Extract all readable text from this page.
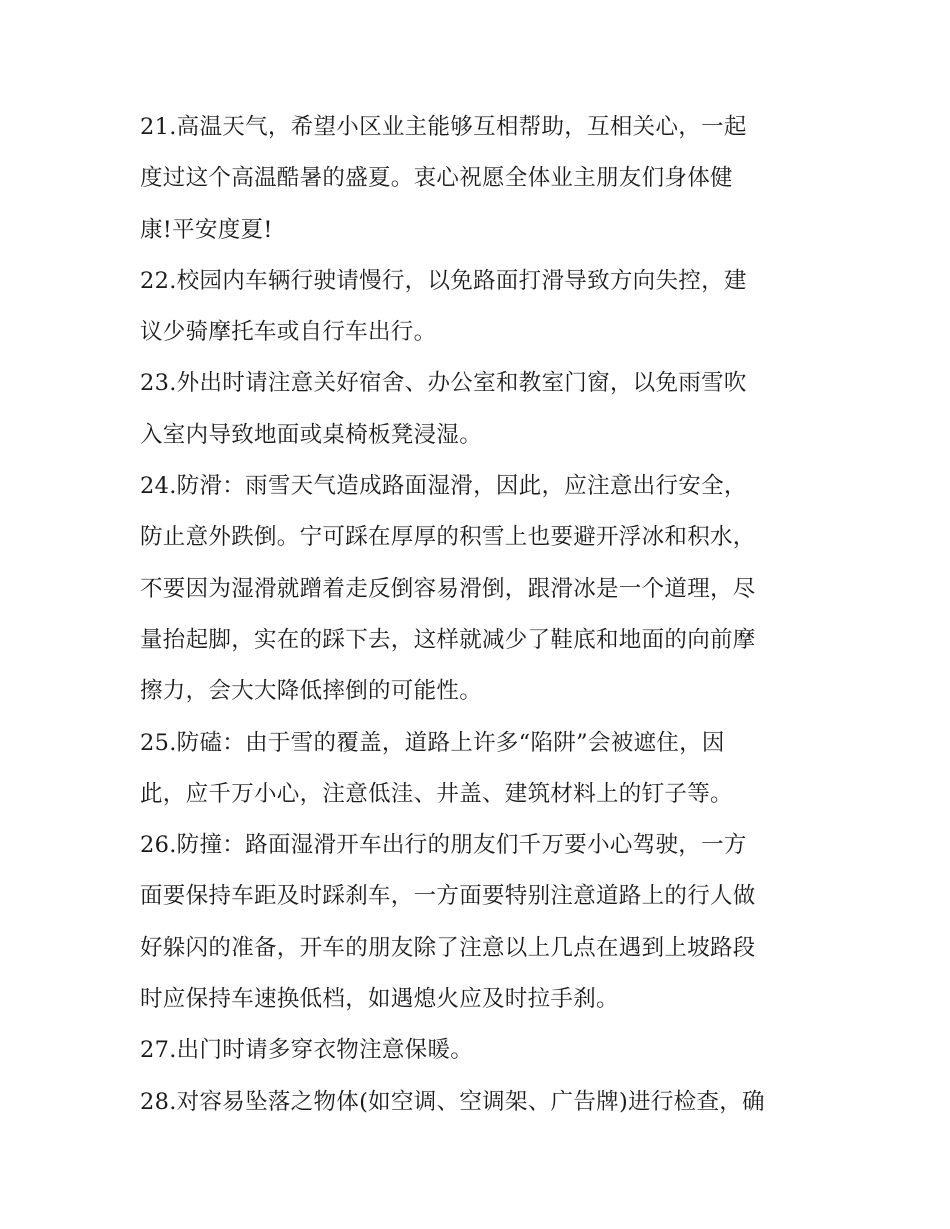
21.高温天气，希望小区业主能够互相帮助，互相关心，一起
度过这个高温酷暑的盛夏。衷心祝愿全体业主朋友们身体健
康!平安度夏!
22.校园内车辆行驶请慢行，以免路面打滑导致方向失控，建
议少骑摩托车或自行车出行。
23.外出时请注意关好宿舍、办公室和教室门窗，以免雨雪吹
入室内导致地面或桌椅板凳浸湿。
24.防滑：雨雪天气造成路面湿滑，因此，应注意出行安全，
防止意外跌倒。宁可踩在厚厚的积雪上也要避开浮冰和积水，
不要因为湿滑就蹭着走反倒容易滑倒，跟滑冰是一个道理，尽
量抬起脚，实在的踩下去，这样就减少了鞋底和地面的向前摩
擦力，会大大降低摔倒的可能性。
25.防磕：由于雪的覆盖，道路上许多“陷阱”会被遮住，因
此，应千万小心，注意低洼、井盖、建筑材料上的钉子等。
26.防撞：路面湿滑开车出行的朋友们千万要小心驾驶，一方
面要保持车距及时踩刹车，一方面要特别注意道路上的行人做
好躲闪的准备，开车的朋友除了注意以上几点在遇到上坡路段
时应保持车速换低档，如遇熄火应及时拉手刹。
27.出门时请多穿衣物注意保暖。
28.对容易坠落之物体(如空调、空调架、广告牌)进行检查，确
